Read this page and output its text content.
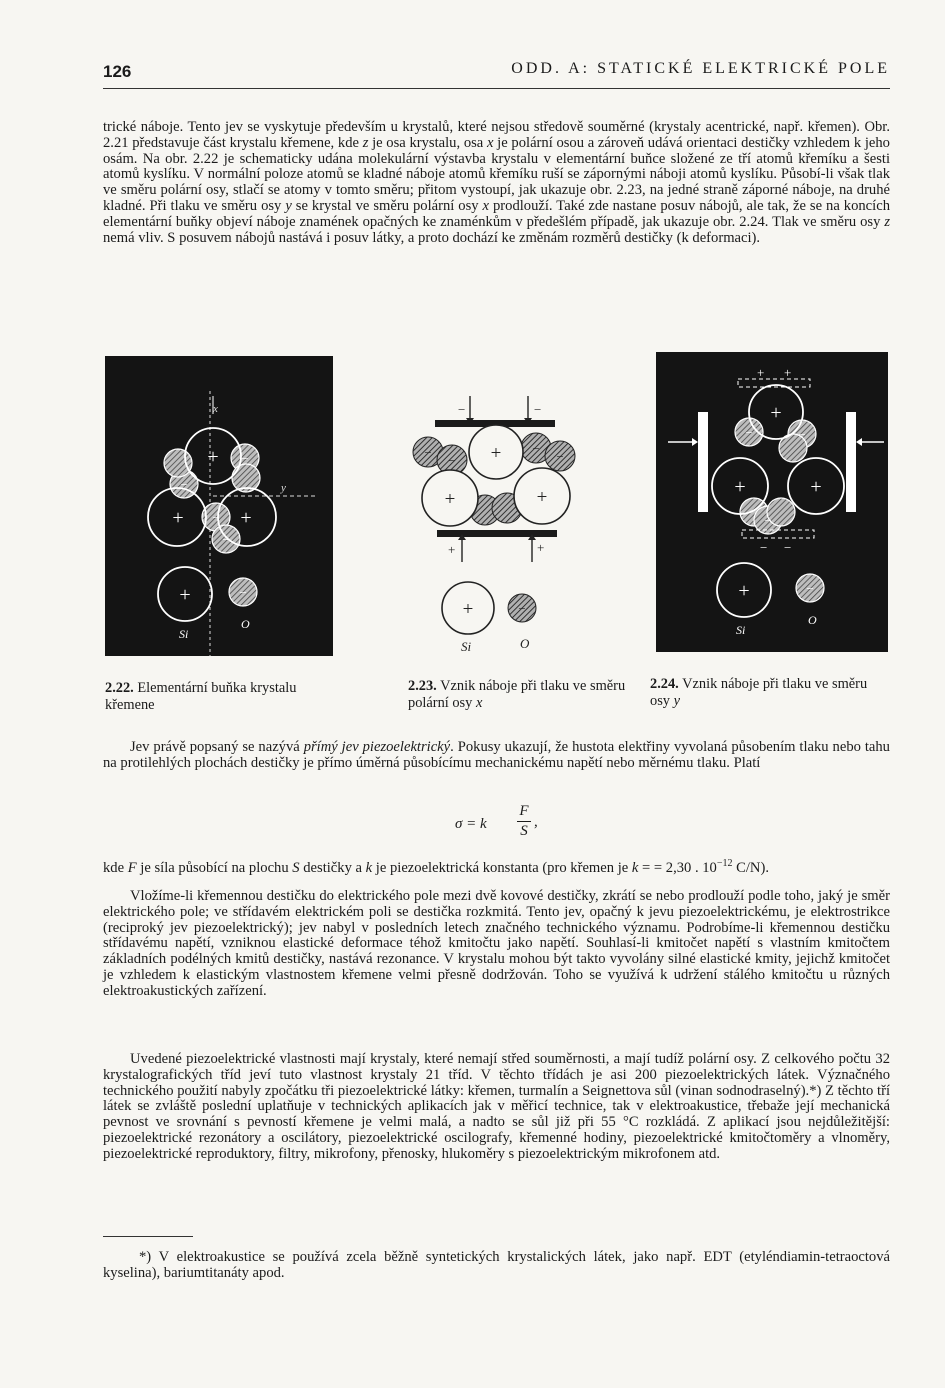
126	ODD. A: STATICKÉ ELEKTRICKÉ POLE

trické náboje. Tento jev se vyskytuje především u krystalů, které nejsou středově souměrné (krystaly acentrické, např. křemen). Obr. 2.21 představuje část krystalu křemene, kde z je osa krystalu, osa x je polární osou a zároveň udává orientaci destičky vzhledem k jeho osám. Na obr. 2.22 je schematicky udána molekulární výstavba krystalu v elementární buňce složené ze tří atomů křemíku a šesti atomů kyslíku. V normální poloze atomů se kladné náboje atomů křemíku ruší se zápornými náboji atomů kyslíku. Působí-li však tlak ve směru polární osy, stlačí se atomy v tomto směru; přitom vystoupí, jak ukazuje obr. 2.23, na jedné straně záporné náboje, na druhé kladné. Při tlaku ve směru osy y se krystal ve směru polární osy x prodlouží. Také zde nastane posuv nábojů, ale tak, že se na koncích elementární buňky objeví náboje znamének opačných ke znaménkům v předešlém případě, jak ukazuje obr. 2.24. Tlak ve směru osy z nemá vliv. S posuvem nábojů nastává i posuv látky, a proto dochází ke změnám rozměrů destičky (k deformaci).

x
y
+
+	+
−
−
−
−
+	−
Si
O
−	−
+
+	+
−
−
−
−
+	+
+	−
Si	O
+ +
+
+	+
−	−
−
− −
+	−
Si
O
2.22. Elementární buňka krystalu křemene
2.23. Vznik náboje při tlaku ve směru polární osy x
2.24. Vznik náboje při tlaku ve směru osy y

Jev právě popsaný se nazývá přímý jev piezoelektrický. Pokusy ukazují, že hustota elektřiny vyvolaná působením tlaku nebo tahu na protilehlých plochách destičky je přímo úměrná působícímu mechanickému napětí nebo měrnému tlaku. Platí

σ = k
F
S
,

kde F je síla působící na plochu S destičky a k je piezoelektrická konstanta (pro křemen je k = = 2,30 . $10^{-12}$ C/N).

Vložíme-li křemennou destičku do elektrického pole mezi dvě kovové destičky, zkrátí se nebo prodlouží podle toho, jaký je směr elektrického pole; ve střídavém elektrickém poli se destička rozkmitá. Tento jev, opačný k jevu piezoelektrickému, je elektrostrikce (reciproký jev piezoelektrický); jev nabyl v posledních letech značného technického významu. Podrobíme-li křemennou destičku střídavému napětí, vzniknou elastické deformace téhož kmitočtu jako napětí. Souhlasí-li kmitočet napětí s vlastním kmitočtem základních podélných kmitů destičky, nastává rezonance. V krystalu mohou být takto vyvolány silné elastické kmity, jejichž kmitočet je vzhledem k elastickým vlastnostem křemene velmi přesně dodržován. Toho se využívá k udržení stálého kmitočtu u různých elektroakustických zařízení.

Uvedené piezoelektrické vlastnosti mají krystaly, které nemají střed souměrnosti, a mají tudíž polární osy. Z celkového počtu 32 krystalografických tříd jeví tuto vlastnost krystaly 21 tříd. V těchto třídách je asi 200 piezoelektrických látek. Význačného technického použití nabyly zpočátku tři piezoelektrické látky: křemen, turmalín a Seignettova sůl (vinan sodnodraselný).*) Z těchto tří látek se zvláště poslední uplatňuje v technických aplikacích jak v měřicí technice, tak v elektroakustice, třebaže její mechanická pevnost ve srovnání s pevností křemene je velmi malá, a nadto se sůl již při 55 °C rozkládá. Z aplikací jsou nejdůležitější: piezoelektrické rezonátory a oscilátory, piezoelektrické oscilografy, křemenné hodiny, piezoelektrické kmitočtoměry a vlnoměry, piezoelektrické reproduktory, filtry, mikrofony, přenosky, hlukoměry s piezoelektrickým mikrofonem atd.

*) V elektroakustice se používá zcela běžně syntetických krystalických látek, jako např. EDT (etyléndiamin-tetraoctová kyselina), bariumtitanáty apod.
